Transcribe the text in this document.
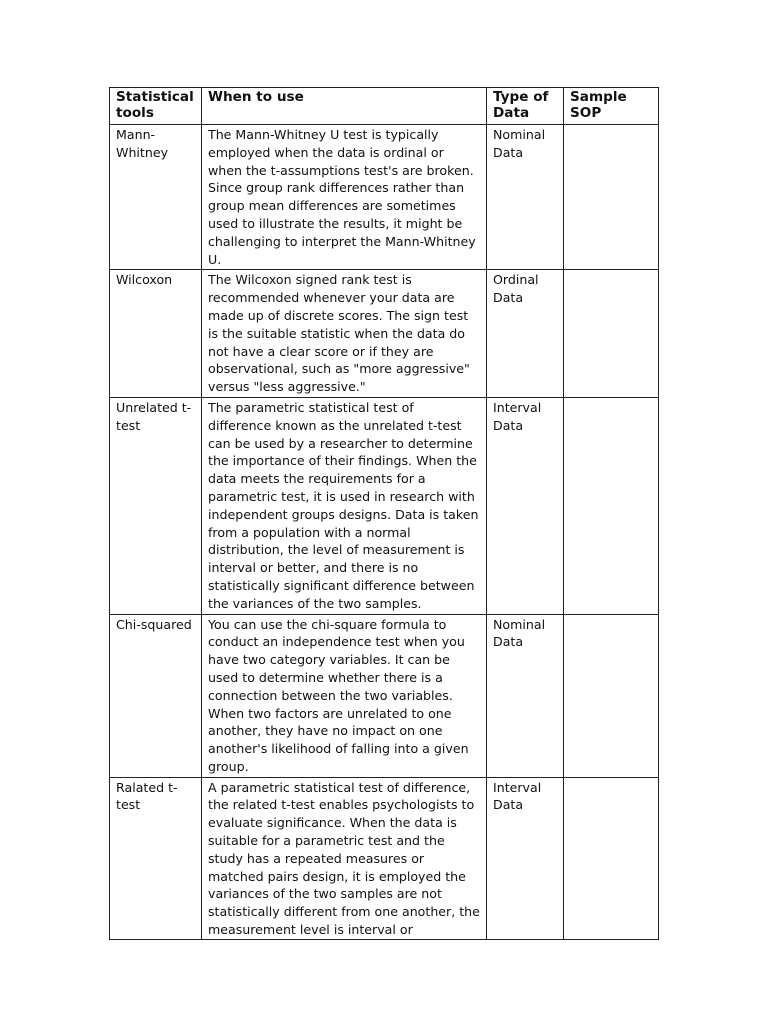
Statistical tools	When to use	Type of Data	Sample SOP
Mann-Whitney	The Mann-Whitney U test is typically employed when the data is ordinal or when the t-assumptions test's are broken. Since group rank differences rather than group mean differences are sometimes used to illustrate the results, it might be challenging to interpret the Mann-Whitney U.	Nominal Data	
Wilcoxon	The Wilcoxon signed rank test is recommended whenever your data are made up of discrete scores. The sign test is the suitable statistic when the data do not have a clear score or if they are observational, such as "more aggressive" versus "less aggressive."	Ordinal Data	
Unrelated t-test	The parametric statistical test of difference known as the unrelated t-test can be used by a researcher to determine the importance of their findings. When the data meets the requirements for a parametric test, it is used in research with independent groups designs. Data is taken from a population with a normal distribution, the level of measurement is interval or better, and there is no statistically significant difference between the variances of the two samples.	Interval Data	
Chi-squared	You can use the chi-square formula to conduct an independence test when you have two category variables. It can be used to determine whether there is a connection between the two variables. When two factors are unrelated to one another, they have no impact on one another's likelihood of falling into a given group.	Nominal Data	
Ralated t-test	A parametric statistical test of difference, the related t-test enables psychologists to evaluate significance. When the data is suitable for a parametric test and the study has a repeated measures or matched pairs design, it is employed the variances of the two samples are not statistically different from one another, the measurement level is interval or	Interval Data	
